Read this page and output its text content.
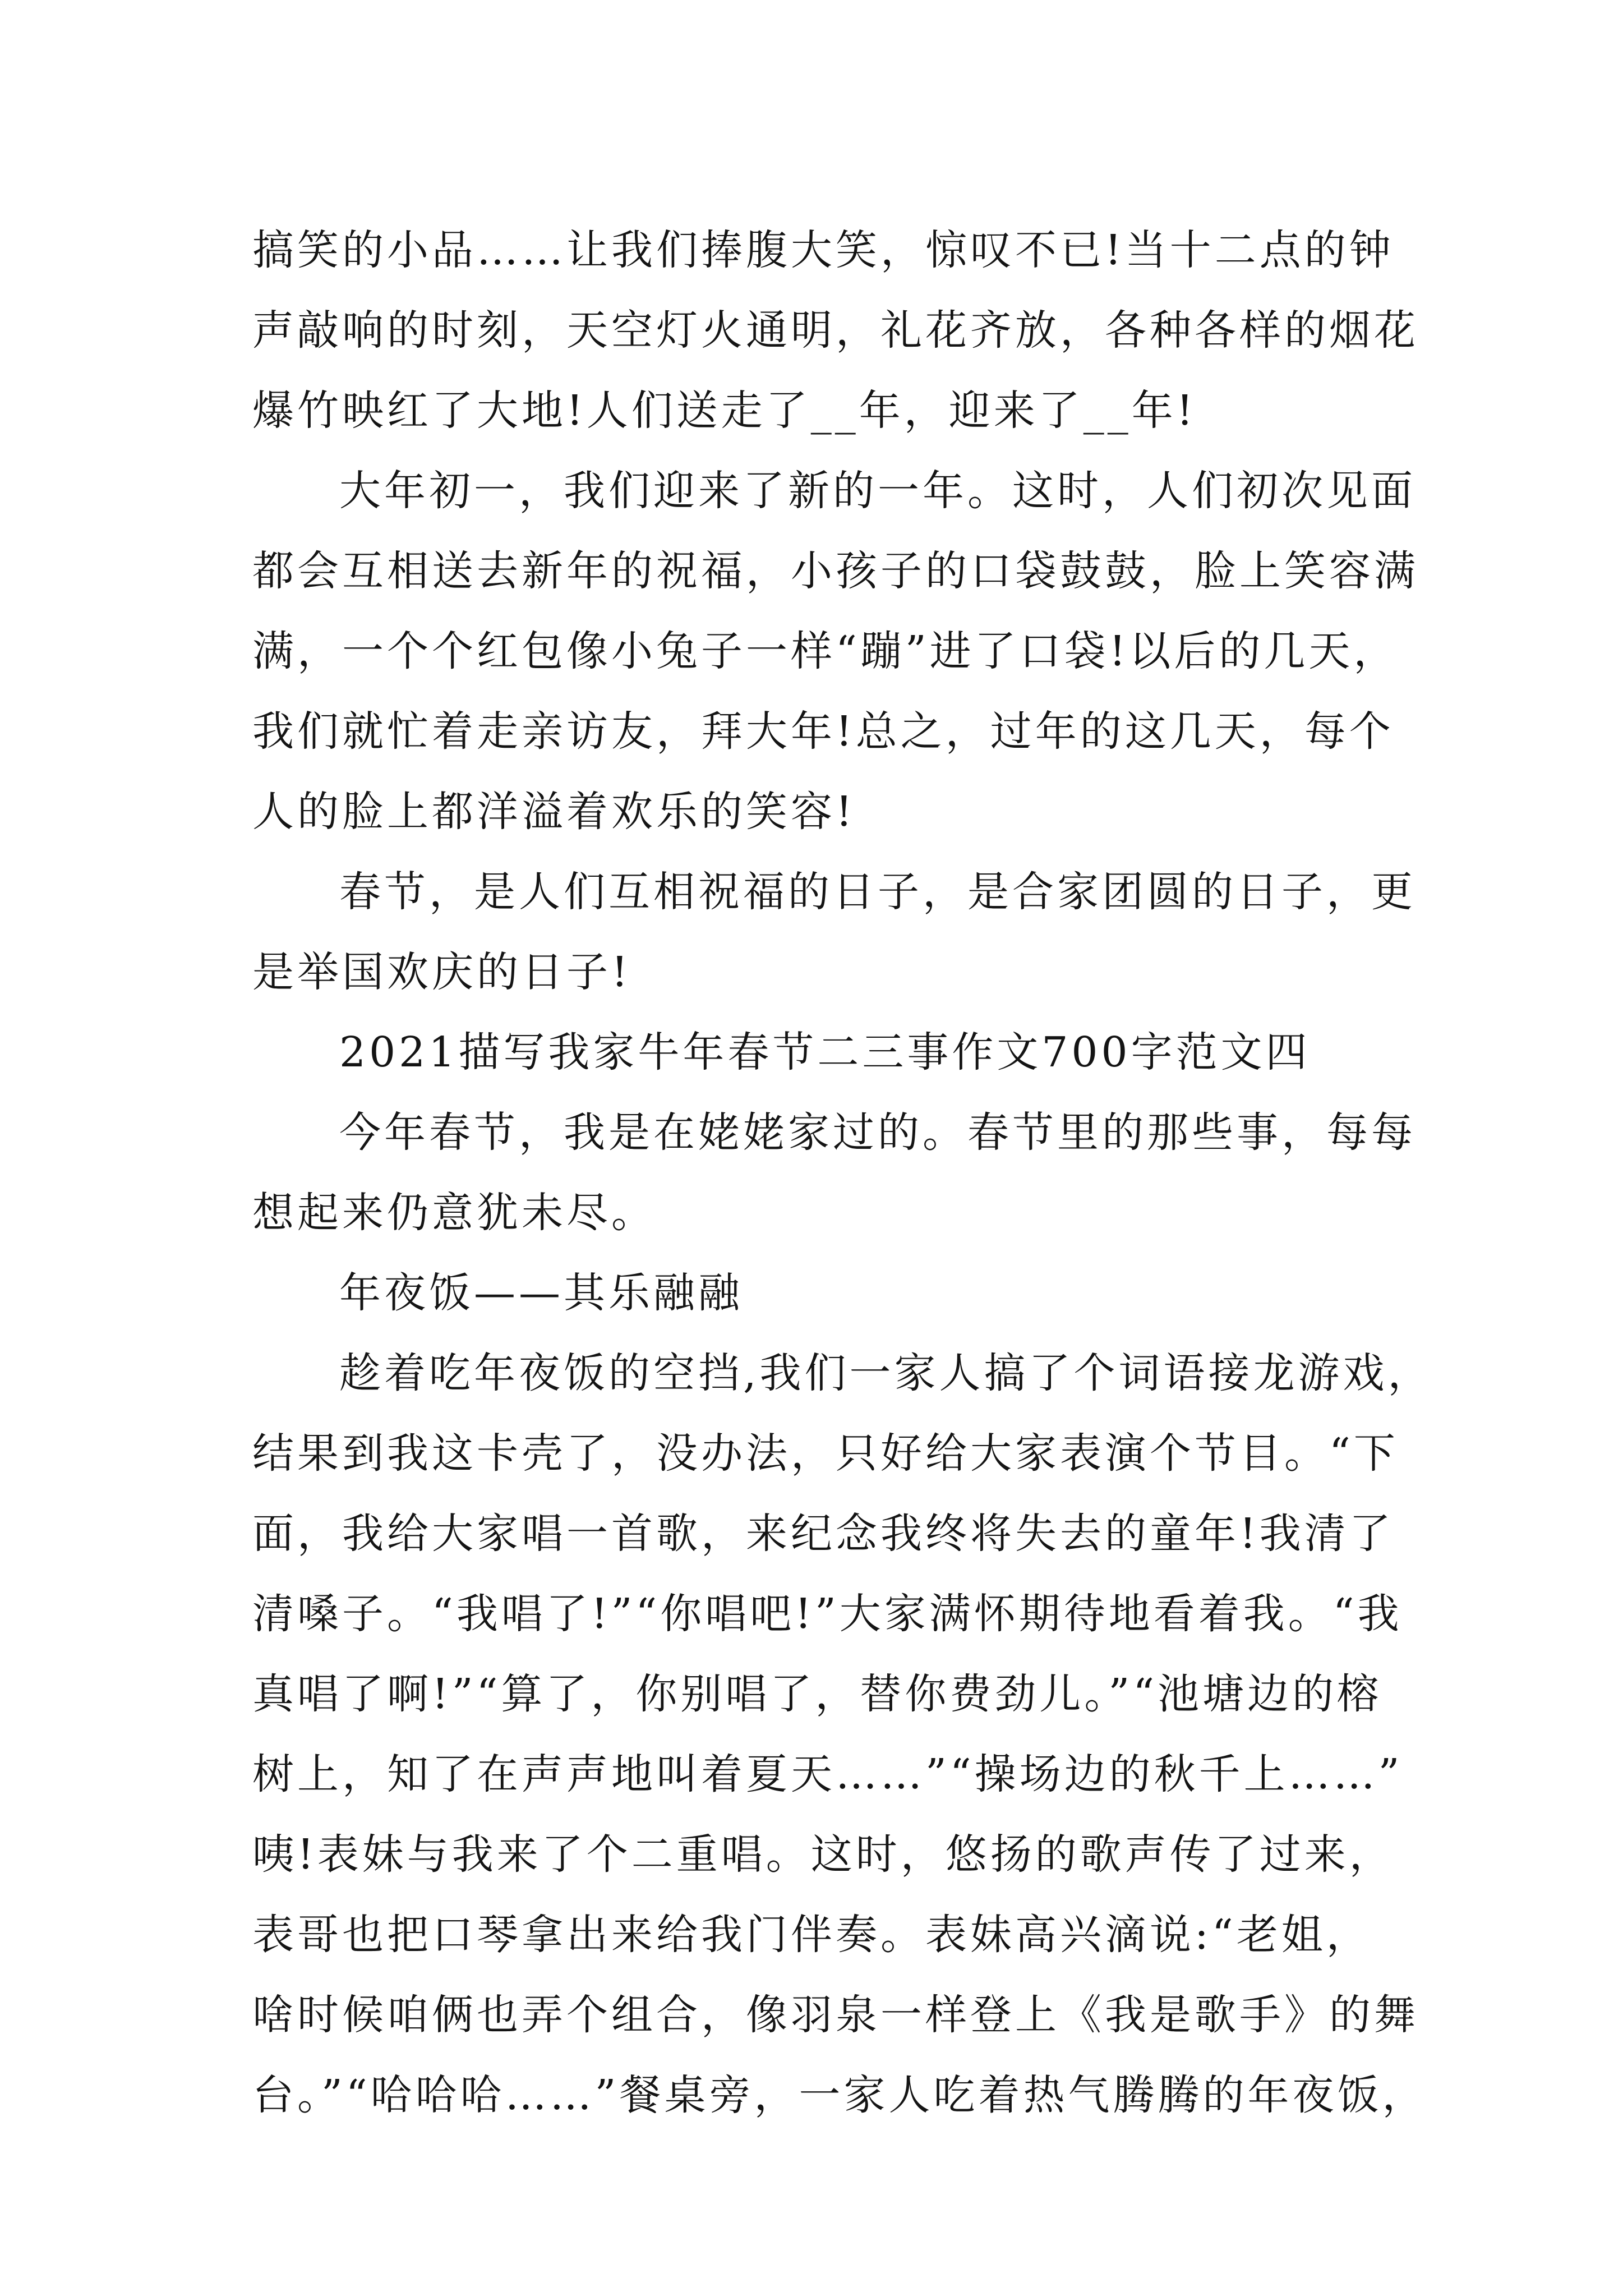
搞笑的小品……让我们捧腹大笑，惊叹不已!当十二点的钟
声敲响的时刻，天空灯火通明，礼花齐放，各种各样的烟花
爆竹映红了大地!人们送走了__年，迎来了__年!
大年初一，我们迎来了新的一年。这时，人们初次见面
都会互相送去新年的祝福，小孩子的口袋鼓鼓，脸上笑容满
满，一个个红包像小兔子一样“蹦”进了口袋!以后的几天，
我们就忙着走亲访友，拜大年!总之，过年的这几天，每个
人的脸上都洋溢着欢乐的笑容!
春节，是人们互相祝福的日子，是合家团圆的日子，更
是举国欢庆的日子!
2021描写我家牛年春节二三事作文700字范文四
今年春节，我是在姥姥家过的。春节里的那些事，每每
想起来仍意犹未尽。
年夜饭——其乐融融
趁着吃年夜饭的空挡,我们一家人搞了个词语接龙游戏，
结果到我这卡壳了，没办法，只好给大家表演个节目。“下
面，我给大家唱一首歌，来纪念我终将失去的童年!我清了
清嗓子。“我唱了!”“你唱吧!”大家满怀期待地看着我。“我
真唱了啊!”“算了，你别唱了，替你费劲儿。”“池塘边的榕
树上，知了在声声地叫着夏天……”“操场边的秋千上……”
咦!表妹与我来了个二重唱。这时，悠扬的歌声传了过来，
表哥也把口琴拿出来给我门伴奏。表妹高兴滴说:“老姐，
啥时候咱俩也弄个组合，像羽泉一样登上《我是歌手》的舞
台。”“哈哈哈……”餐桌旁，一家人吃着热气腾腾的年夜饭，
